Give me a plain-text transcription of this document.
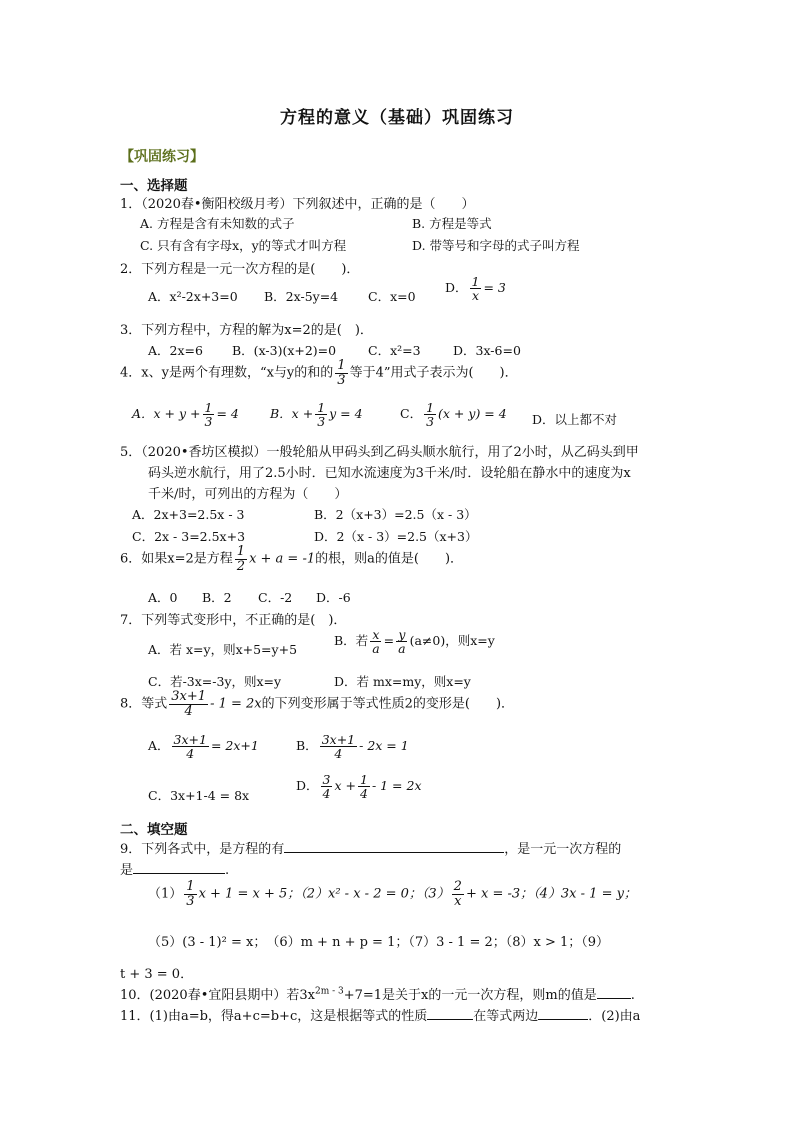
方程的意义（基础）巩固练习
【巩固练习】
一、选择题
1．（2020春•衡阳校级月考）下列叙述中，正确的是（　　）
A. 方程是含有未知数的式子	B. 方程是等式
C. 只有含有字母x，y的等式才叫方程	D. 带等号和字母的式子叫方程
2．下列方程是一元一次方程的是(　　)．
A．x²-2x+3=0 B．2x-5y=4 C．x=0
D． $\frac{1}{x} = 3$
3．下列方程中，方程的解为x=2的是(　)．
A．2x=6 B．(x-3)(x+2)=0	C．x²=3	D．3x-6=0
4．x、y是两个有理数，“x与y的和的 $\frac{1}{3}$ 等于4”用式子表示为(　　)．
A．$x + y + \frac{1}{3} = 4$ B．$x + \frac{1}{3}$ y = 4	C． $\frac{1}{3} (x + y) = 4$ D．以上都不对
5．（2020•香坊区模拟）一般轮船从甲码头到乙码头顺水航行，用了2小时，从乙码头到甲
码头逆水航行，用了2.5小时．已知水流速度为3千米/时．设轮船在静水中的速度为x
千米/时，可列出的方程为（　　）
A．2x+3=2.5x - 3	B．2（x+3）=2.5（x - 3）
C．2x - 3=2.5x+3	D．2（x - 3）=2.5（x+3）
6．如果x=2是方程 $\frac{1}{2}$ x + a = -1的根，则a的值是(　　)．
A．0 B．2 C．-2 D．-6
7．下列等式变形中，不正确的是(　)．
A．若 x=y，则x+5=y+5
B．若 $\frac{x}{a} = \frac{y}{a} (a\ne 0)$，则x=y
C．若-3x=-3y，则x=y	D．若 mx=my，则x=y
8．等式 $\frac{3x+1}{4} - 1 = 2x$的下列变形属于等式性质2的变形是(　　)．
A． $\frac{3x+1}{4} = 2x+1$	B． $\frac{3x+1}{4} - 2x = 1$
C．3x+1-4 = 8x
D． $\frac{3}{4}$ $x + \frac{1}{4} - 1 = 2x$
二、填空题
9．下列各式中，是方程的有	，是一元一次方程的
是	.
$(1) \frac{1}{3}$ x + 1 = x + 5；（2）x² - x - 2 = 0；$(3) \frac{2}{x} + x = -3$；（4）3x - 1 = y；
（5）(3 - 1)² = x；　（6）m + n + p = 1；（7）3 - 1 = 2；（8）x > 1；（9）
t + 3 = 0．
10．(2020春•宜阳县期中）若$3x^{2m - 3}+7=1$是关于x的一元一次方程，则m的值是	.
11．(1)由a=b，得a+c=b+c，这是根据等式的性质	在等式两边	．(2)由a
